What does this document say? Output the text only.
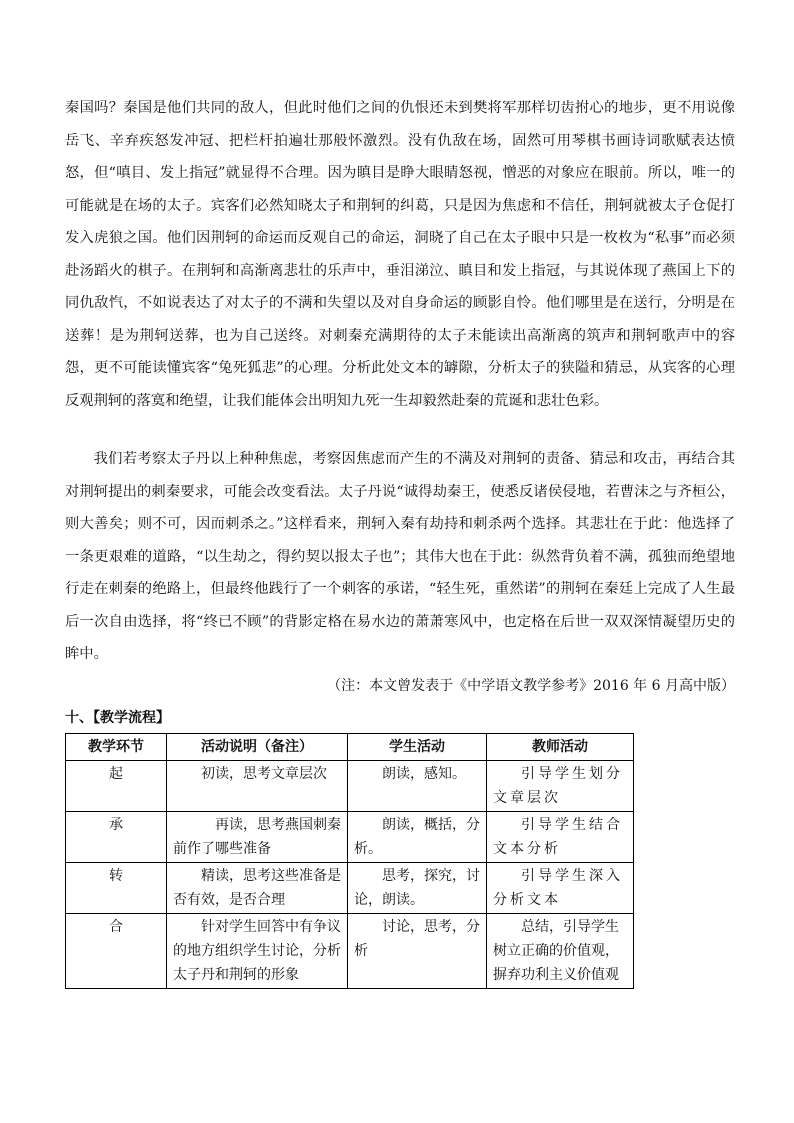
秦国吗？秦国是他们共同的敌人，但此时他们之间的仇恨还未到樊将军那样切齿拊心的地步，更不用说像岳飞、辛弃疾怒发冲冠、把栏杆拍遍壮那般怀激烈。没有仇敌在场，固然可用琴棋书画诗词歌赋表达愤怒，但“嗔目、发上指冠”就显得不合理。因为瞋目是睁大眼睛怒视，憎恶的对象应在眼前。所以，唯一的可能就是在场的太子。宾客们必然知晓太子和荆轲的纠葛，只是因为焦虑和不信任，荆轲就被太子仓促打发入虎狼之国。他们因荆轲的命运而反观自己的命运，洞晓了自己在太子眼中只是一枚枚为“私事”而必须赴汤蹈火的棋子。在荆轲和高渐离悲壮的乐声中，垂泪涕泣、瞋目和发上指冠，与其说体现了燕国上下的同仇敌忾，不如说表达了对太子的不满和失望以及对自身命运的顾影自怜。他们哪里是在送行，分明是在送葬！是为荆轲送葬，也为自己送终。对刺秦充满期待的太子未能读出高渐离的筑声和荆轲歌声中的容怨，更不可能读懂宾客“兔死狐悲”的心理。分析此处文本的罅隙，分析太子的狭隘和猜忌，从宾客的心理反观荆轲的落寞和绝望，让我们能体会出明知九死一生却毅然赴秦的荒诞和悲壮色彩。

我们若考察太子丹以上种种焦虑，考察因焦虑而产生的不满及对荆轲的责备、猜忌和攻击，再结合其对荆轲提出的刺秦要求，可能会改变看法。太子丹说“诚得劫秦王，使悉反诸侯侵地，若曹沫之与齐桓公，则大善矣；则不可，因而刺杀之。”这样看来，荆轲入秦有劫持和刺杀两个选择。其悲壮在于此：他选择了一条更艰难的道路，“以生劫之，得约契以报太子也”；其伟大也在于此：纵然背负着不满，孤独而绝望地行走在刺秦的绝路上，但最终他践行了一个刺客的承诺，“轻生死，重然诺”的荆轲在秦廷上完成了人生最后一次自由选择，将“终已不顾”的背影定格在易水边的萧萧寒风中，也定格在后世一双双深情凝望历史的眸中。

（注：本文曾发表于《中学语文教学参考》2016 年 6 月高中版）

十、【教学流程】
教学环节	活动说明（备注）	学生活动	教师活动
起	初读，思考文章层次	朗读，感知。	引导学生划分文章层次
承	再读，思考燕国刺秦前作了哪些准备	朗读，概括，分析。	引导学生结合文本分析
转	精读，思考这些准备是否有效，是否合理	思考，探究，讨论，朗读。	引导学生深入分析文本
合	针对学生回答中有争议的地方组织学生讨论，分析太子丹和荆轲的形象	讨论，思考，分析	总结，引导学生树立正确的价值观，摒弃功利主义价值观
